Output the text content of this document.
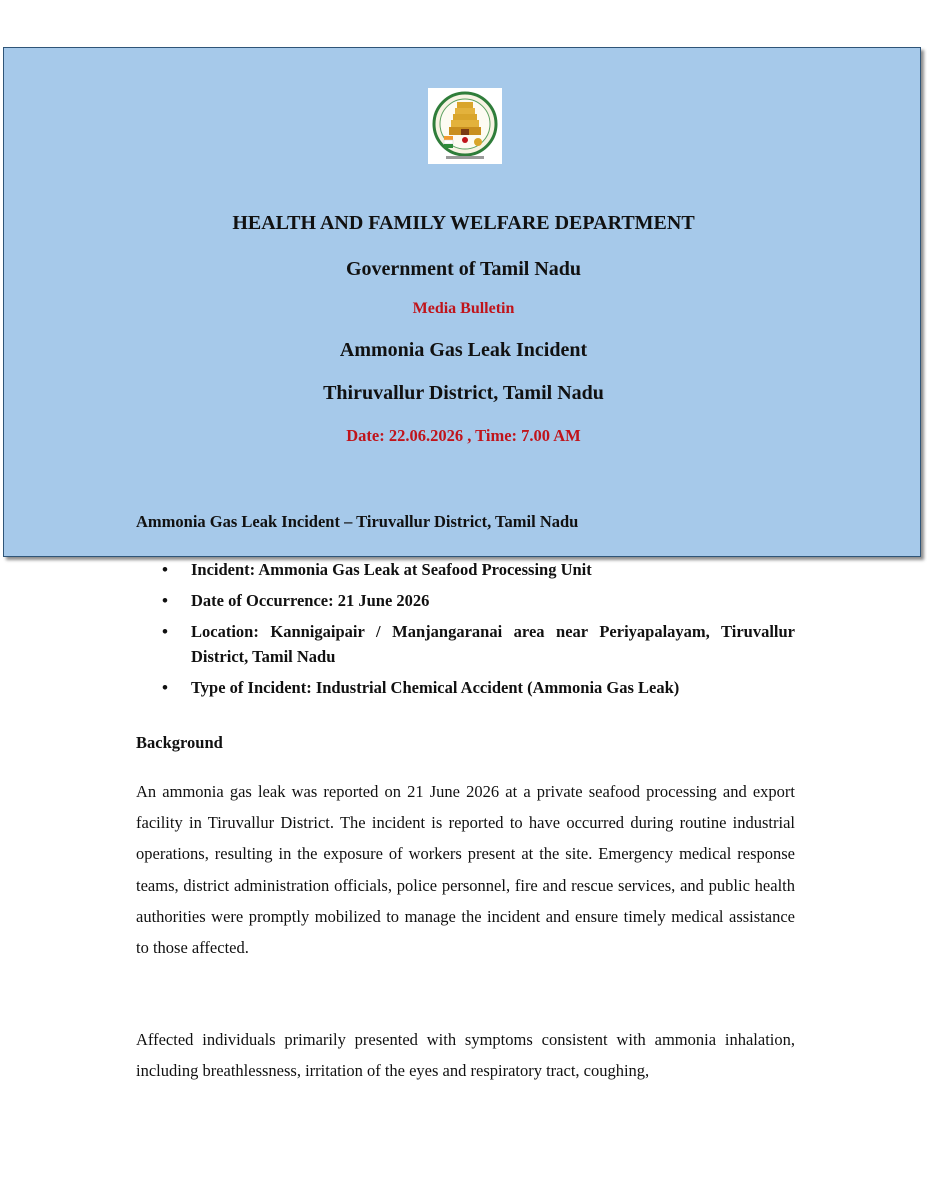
HEALTH AND FAMILY WELFARE DEPARTMENT
Government of Tamil Nadu
Media Bulletin
Ammonia Gas Leak Incident
Thiruvallur District, Tamil Nadu
Date: 22.06.2026 , Time: 7.00 AM
Ammonia Gas Leak Incident – Tiruvallur District, Tamil Nadu
• Incident: Ammonia Gas Leak at Seafood Processing Unit
• Date of Occurrence: 21 June 2026
• Location: Kannigaipair / Manjangaranai area near Periyapalayam, Tiruvallur District, Tamil Nadu
• Type of Incident: Industrial Chemical Accident (Ammonia Gas Leak)
Background

An ammonia gas leak was reported on 21 June 2026 at a private seafood processing and export facility in Tiruvallur District. The incident is reported to have occurred during routine industrial operations, resulting in the exposure of workers present at the site. Emergency medical response teams, district administration officials, police personnel, fire and rescue services, and public health authorities were promptly mobilized to manage the incident and ensure timely medical assistance to those affected.

Affected individuals primarily presented with symptoms consistent with ammonia inhalation, including breathlessness, irritation of the eyes and respiratory tract, coughing,
